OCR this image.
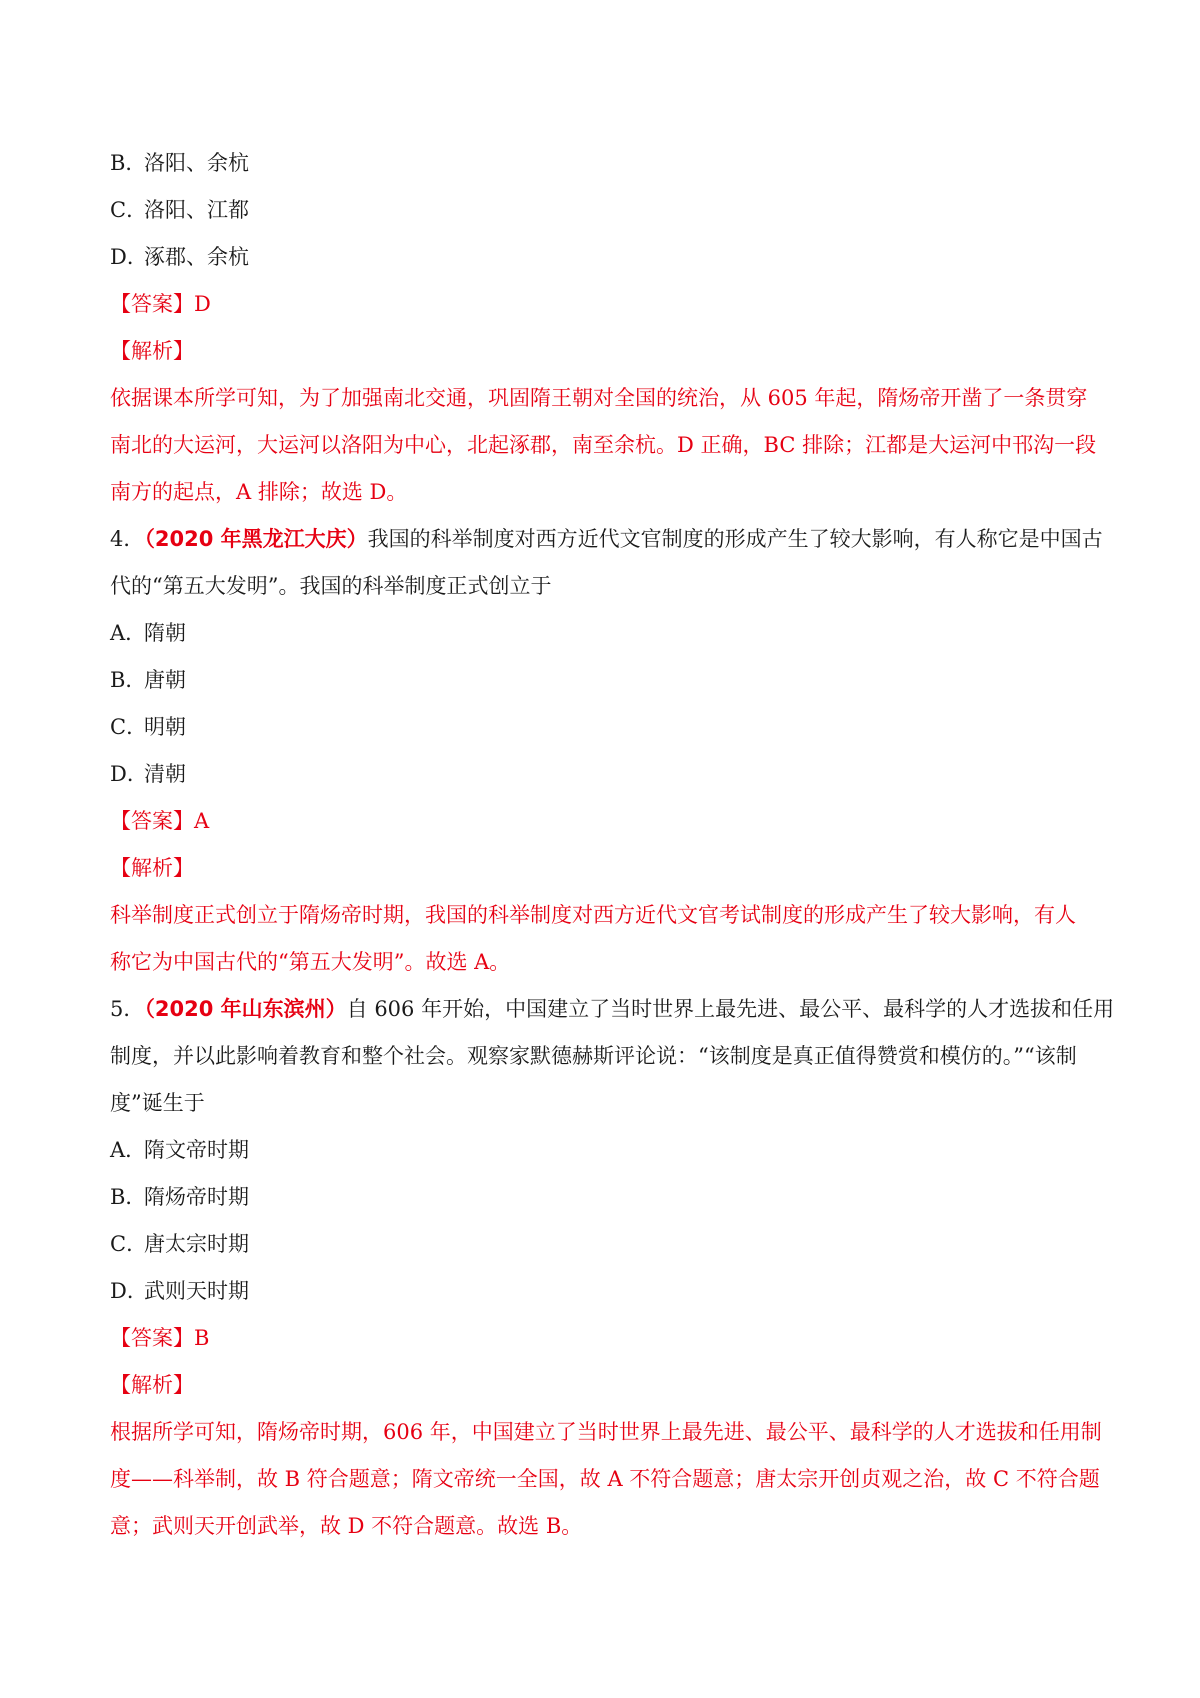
B．洛阳、余杭
C．洛阳、江都
D．涿郡、余杭
【答案】D
【解析】
依据课本所学可知，为了加强南北交通，巩固隋王朝对全国的统治，从 605 年起，隋炀帝开凿了一条贯穿
南北的大运河，大运河以洛阳为中心，北起涿郡，南至余杭。D 正确，BC 排除；江都是大运河中邗沟一段
南方的起点，A 排除；故选 D。
4．（2020 年黑龙江大庆）我国的科举制度对西方近代文官制度的形成产生了较大影响，有人称它是中国古
代的“第五大发明”。我国的科举制度正式创立于
A．隋朝
B．唐朝
C．明朝
D．清朝
【答案】A
【解析】
科举制度正式创立于隋炀帝时期，我国的科举制度对西方近代文官考试制度的形成产生了较大影响，有人
称它为中国古代的“第五大发明”。故选 A。
5．（2020 年山东滨州）自 606 年开始，中国建立了当时世界上最先进、最公平、最科学的人才选拔和任用
制度，并以此影响着教育和整个社会。观察家默德赫斯评论说：“该制度是真正值得赞赏和模仿的。”“该制
度”诞生于
A．隋文帝时期
B．隋炀帝时期
C．唐太宗时期
D．武则天时期
【答案】B
【解析】
根据所学可知，隋炀帝时期，606 年，中国建立了当时世界上最先进、最公平、最科学的人才选拔和任用制
度——科举制，故 B 符合题意；隋文帝统一全国，故 A 不符合题意；唐太宗开创贞观之治，故 C 不符合题
意；武则天开创武举，故 D 不符合题意。故选 B。
